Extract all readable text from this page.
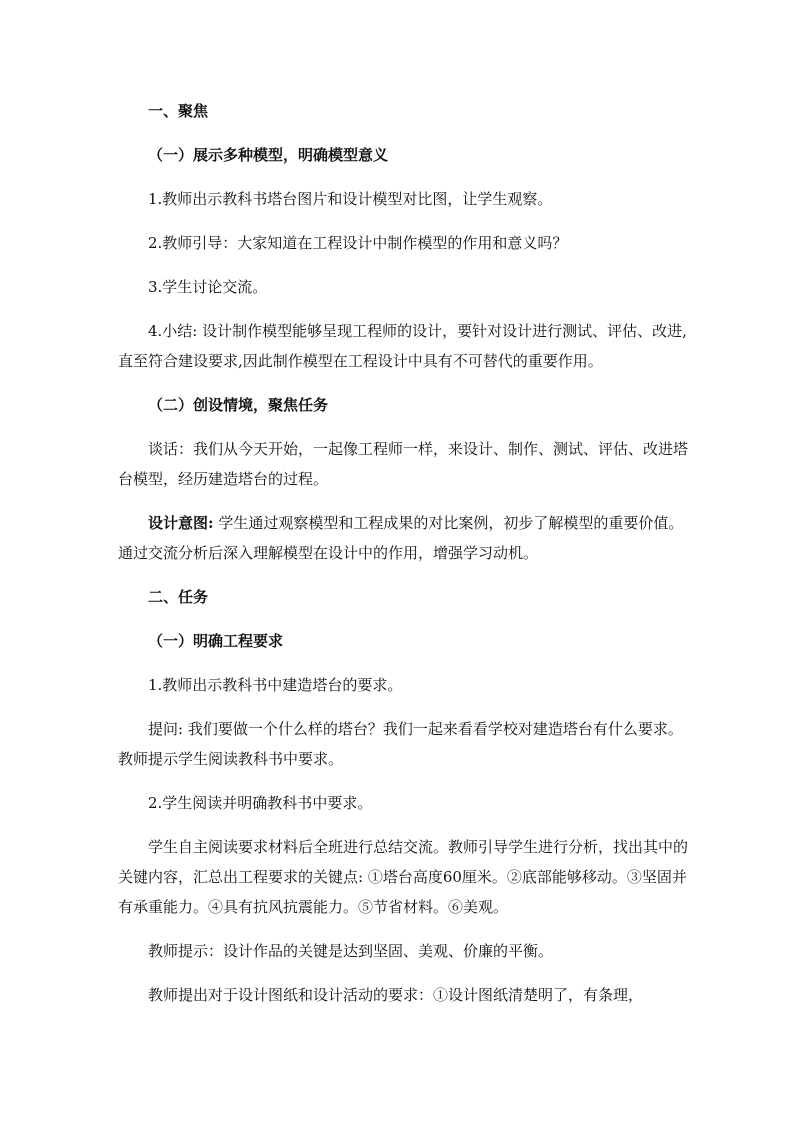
一、聚焦

（一）展示多种模型，明确模型意义

1.教师出示教科书塔台图片和设计模型对比图，让学生观察。

2.教师引导：大家知道在工程设计中制作模型的作用和意义吗？

3.学生讨论交流。

4.小结: 设计制作模型能够呈现工程师的设计，要针对设计进行测试、评估、改进,直至符合建设要求,因此制作模型在工程设计中具有不可替代的重要作用。

（二）创设情境，聚焦任务

谈话：我们从今天开始，一起像工程师一样，来设计、制作、测试、评估、改进塔台模型，经历建造塔台的过程。

设计意图: 学生通过观察模型和工程成果的对比案例，初步了解模型的重要价值。通过交流分析后深入理解模型在设计中的作用，增强学习动机。

二、任务

（一）明确工程要求

1.教师出示教科书中建造塔台的要求。

提问: 我们要做一个什么样的塔台？我们一起来看看学校对建造塔台有什么要求。教师提示学生阅读教科书中要求。

2.学生阅读并明确教科书中要求。

学生自主阅读要求材料后全班进行总结交流。教师引导学生进行分析，找出其中的关键内容，汇总出工程要求的关键点: ①塔台高度60厘米。②底部能够移动。③坚固并有承重能力。④具有抗风抗震能力。⑤节省材料。⑥美观。

教师提示：设计作品的关键是达到坚固、美观、价廉的平衡。

教师提出对于设计图纸和设计活动的要求：①设计图纸清楚明了，有条理，
